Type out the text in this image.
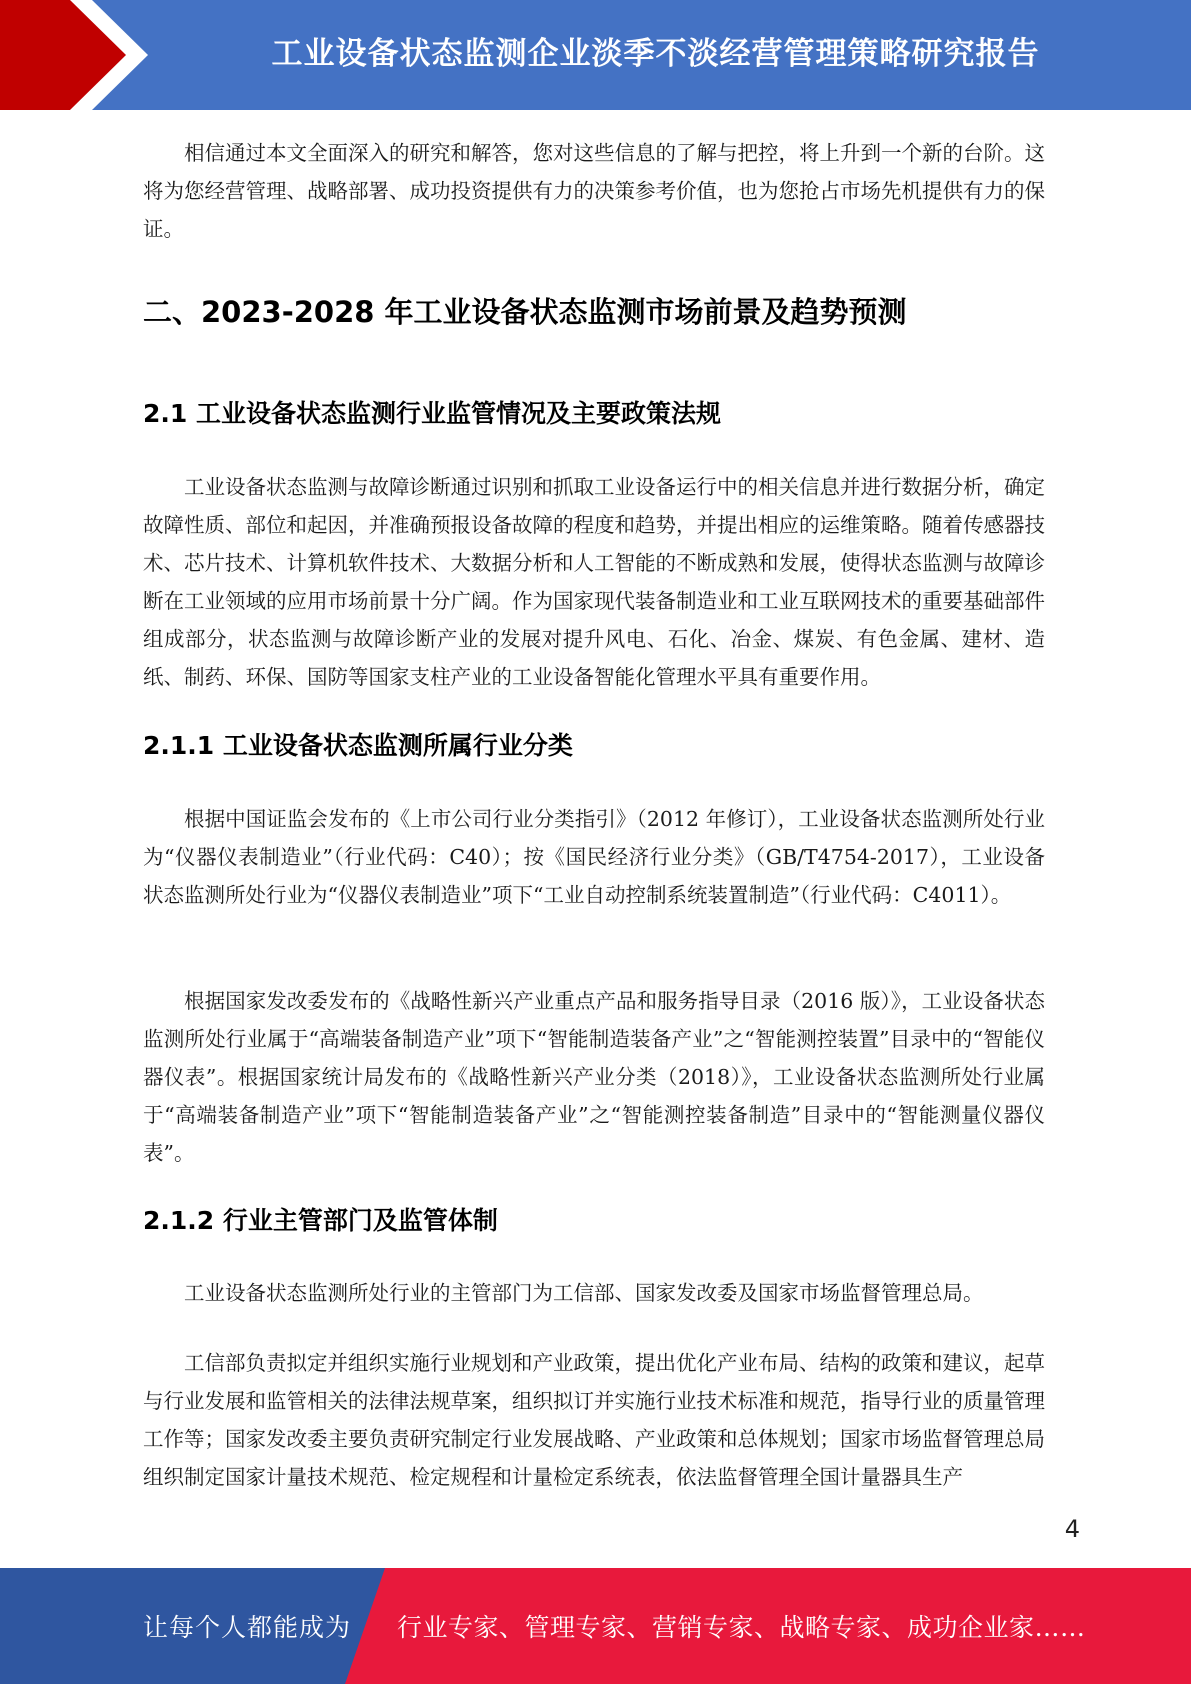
工业设备状态监测企业淡季不淡经营管理策略研究报告

相信通过本文全面深入的研究和解答，您对这些信息的了解与把控，将上升到一个新的台阶。这将为您经营管理、战略部署、成功投资提供有力的决策参考价值，也为您抢占市场先机提供有力的保证。

二、2023-2028 年工业设备状态监测市场前景及趋势预测
2.1 工业设备状态监测行业监管情况及主要政策法规

工业设备状态监测与故障诊断通过识别和抓取工业设备运行中的相关信息并进行数据分析，确定故障性质、部位和起因，并准确预报设备故障的程度和趋势，并提出相应的运维策略。随着传感器技术、芯片技术、计算机软件技术、大数据分析和人工智能的不断成熟和发展，使得状态监测与故障诊断在工业领域的应用市场前景十分广阔。作为国家现代装备制造业和工业互联网技术的重要基础部件组成部分，状态监测与故障诊断产业的发展对提升风电、石化、冶金、煤炭、有色金属、建材、造纸、制药、环保、国防等国家支柱产业的工业设备智能化管理水平具有重要作用。

2.1.1 工业设备状态监测所属行业分类

根据中国证监会发布的《上市公司行业分类指引》（2012 年修订），工业设备状态监测所处行业为“仪器仪表制造业”（行业代码：C40）；按《国民经济行业分类》（GB/T4754-2017），工业设备状态监测所处行业为“仪器仪表制造业”项下“工业自动控制系统装置制造”（行业代码：C4011）。

根据国家发改委发布的《战略性新兴产业重点产品和服务指导目录（2016 版）》，工业设备状态监测所处行业属于“高端装备制造产业”项下“智能制造装备产业”之“智能测控装置”目录中的“智能仪器仪表”。根据国家统计局发布的《战略性新兴产业分类（2018）》，工业设备状态监测所处行业属于“高端装备制造产业”项下“智能制造装备产业”之“智能测控装备制造”目录中的“智能测量仪器仪表”。

2.1.2 行业主管部门及监管体制

工业设备状态监测所处行业的主管部门为工信部、国家发改委及国家市场监督管理总局。

工信部负责拟定并组织实施行业规划和产业政策，提出优化产业布局、结构的政策和建议，起草与行业发展和监管相关的法律法规草案，组织拟订并实施行业技术标准和规范，指导行业的质量管理工作等；国家发改委主要负责研究制定行业发展战略、产业政策和总体规划；国家市场监督管理总局组织制定国家计量技术规范、检定规程和计量检定系统表，依法监督管理全国计量器具生产

4
让每个人都能成为 行业专家、管理专家、营销专家、战略专家、成功企业家……
